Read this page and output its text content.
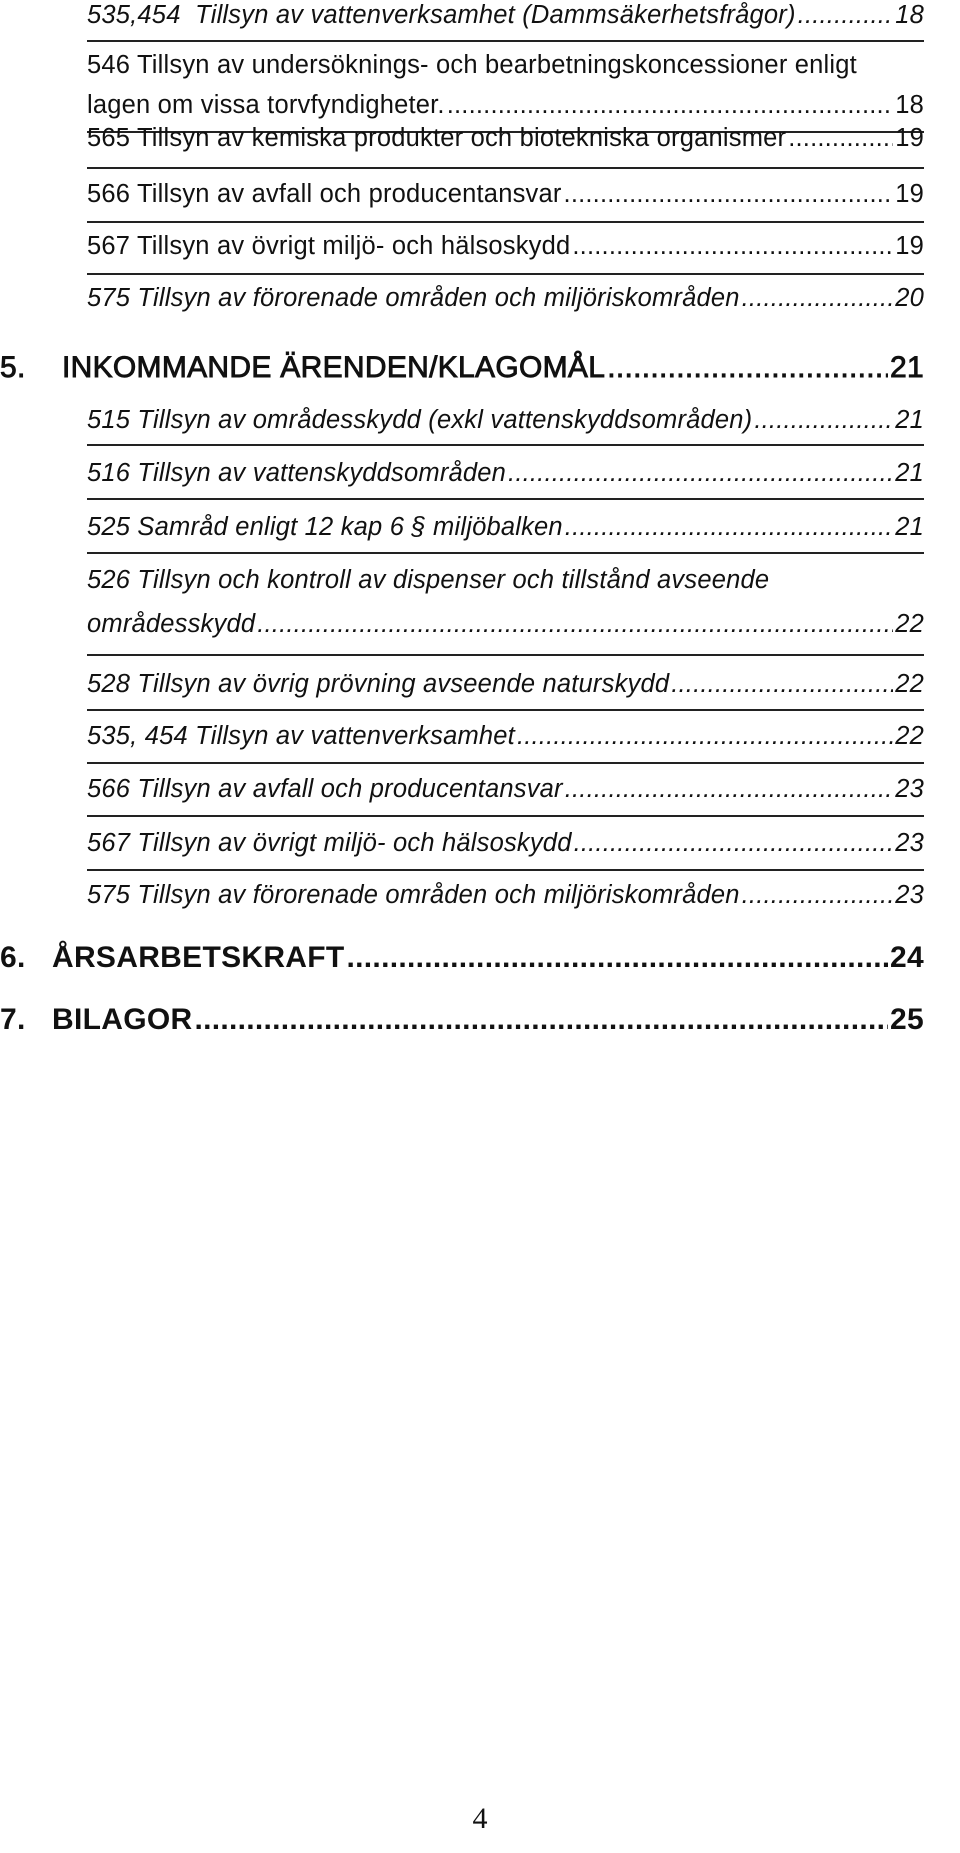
535,454  Tillsyn av vattenverksamhet (Dammsäkerhetsfrågor) .....	18
546 Tillsyn av undersöknings- och bearbetningskoncessioner enligt
lagen om vissa torvfyndigheter. .....	18
565 Tillsyn av kemiska produkter och biotekniska organismer .....	19
566 Tillsyn av avfall och producentansvar .....	19
567 Tillsyn av övrigt miljö- och hälsoskydd .....	19
575 Tillsyn av förorenade områden och miljöriskområden .....	20
5. INKOMMANDE ÄRENDEN/KLAGOMÅL .....	21
515 Tillsyn av områdesskydd (exkl vattenskyddsområden) .....	21
516 Tillsyn av vattenskyddsområden .....	21
525 Samråd enligt 12 kap 6 § miljöbalken .....	21
526 Tillsyn och kontroll av dispenser och tillstånd avseende
områdesskydd .....	22
528 Tillsyn av övrig prövning avseende naturskydd .....	22
535, 454 Tillsyn av vattenverksamhet .....	22
566 Tillsyn av avfall och producentansvar .....	23
567 Tillsyn av övrigt miljö- och hälsoskydd .....	23
575 Tillsyn av förorenade områden och miljöriskområden .....	23
6. ÅRSARBETSKRAFT .....	24
7. BILAGOR .....	25
4
